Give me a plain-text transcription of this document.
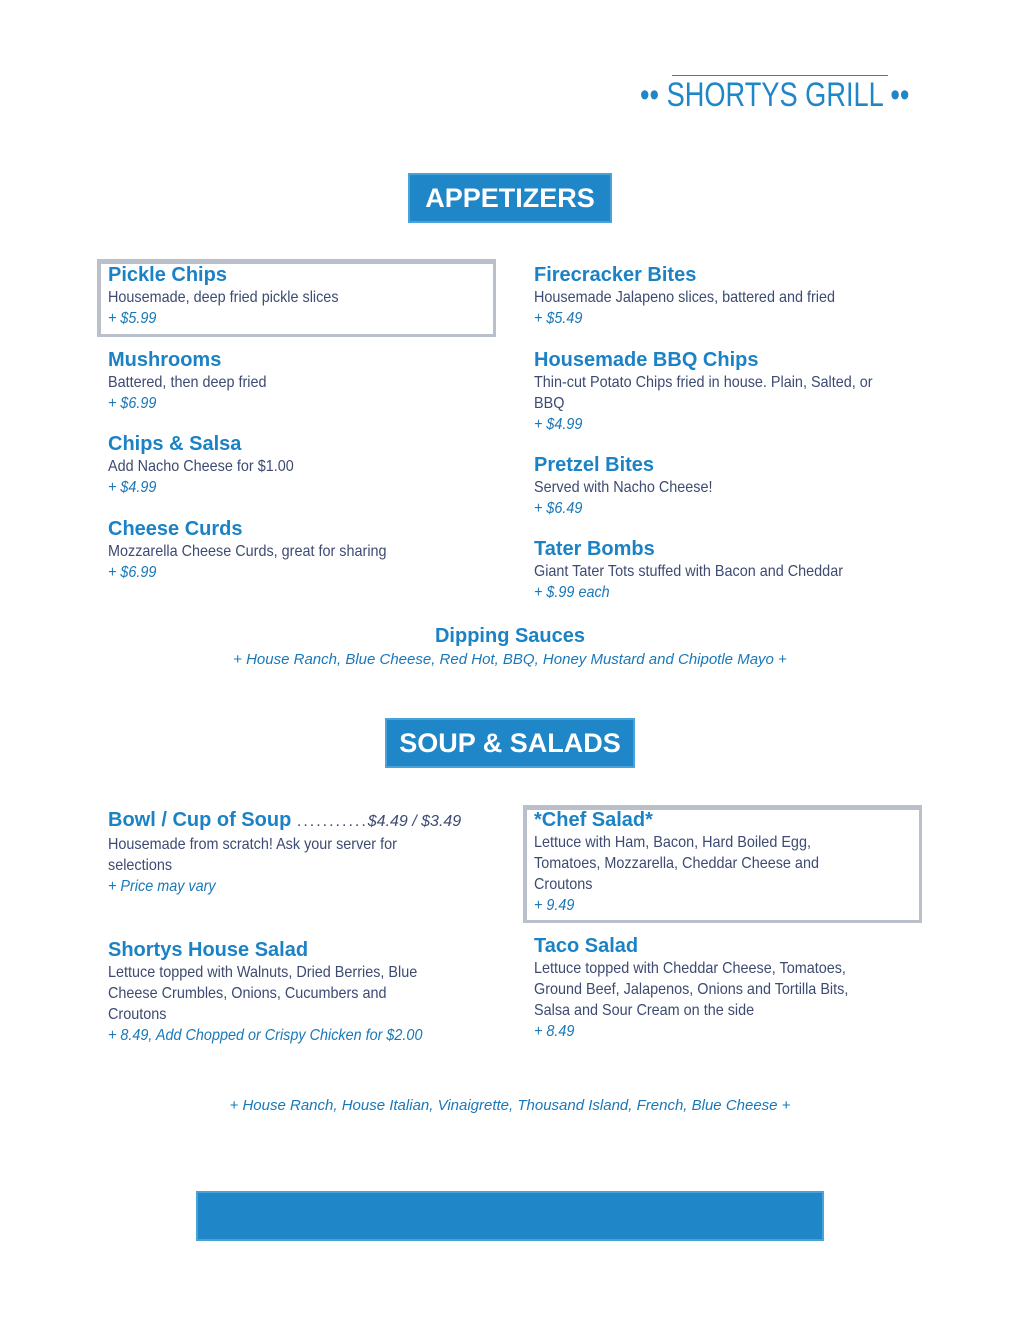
•• SHORTYS GRILL ••
APPETIZERS
Pickle Chips
Housemade, deep fried pickle slices
+ $5.99
Mushrooms
Battered, then deep fried
+ $6.99
Chips & Salsa
Add Nacho Cheese for $1.00
+ $4.99
Cheese Curds
Mozzarella Cheese Curds, great for sharing
+ $6.99
Firecracker Bites
Housemade Jalapeno slices, battered and fried
+ $5.49
Housemade BBQ Chips
Thin-cut Potato Chips fried in house. Plain, Salted, or BBQ
+ $4.99
Pretzel Bites
Served with Nacho Cheese!
+ $6.49
Tater Bombs
Giant Tater Tots stuffed with Bacon and Cheddar
+ $.99 each
Dipping Sauces
+ House Ranch, Blue Cheese, Red Hot, BBQ, Honey Mustard and Chipotle Mayo +
SOUP & SALADS
Bowl / Cup of Soup ...........$4.49 / $3.49
Housemade from scratch! Ask your server for selections
+ Price may vary
*Chef Salad*
Lettuce with Ham, Bacon, Hard Boiled Egg, Tomatoes, Mozzarella, Cheddar Cheese and Croutons
+ 9.49
Shortys House Salad
Lettuce topped with Walnuts, Dried Berries, Blue Cheese Crumbles, Onions, Cucumbers and Croutons
+ 8.49, Add Chopped or Crispy Chicken for $2.00
Taco Salad
Lettuce topped with Cheddar Cheese, Tomatoes, Ground Beef, Jalapenos, Onions and Tortilla Bits, Salsa and Sour Cream on the side
+ 8.49
+ House Ranch, House Italian, Vinaigrette, Thousand Island, French, Blue Cheese +

PHONE  517-890-6090 OR 517-890-6091
